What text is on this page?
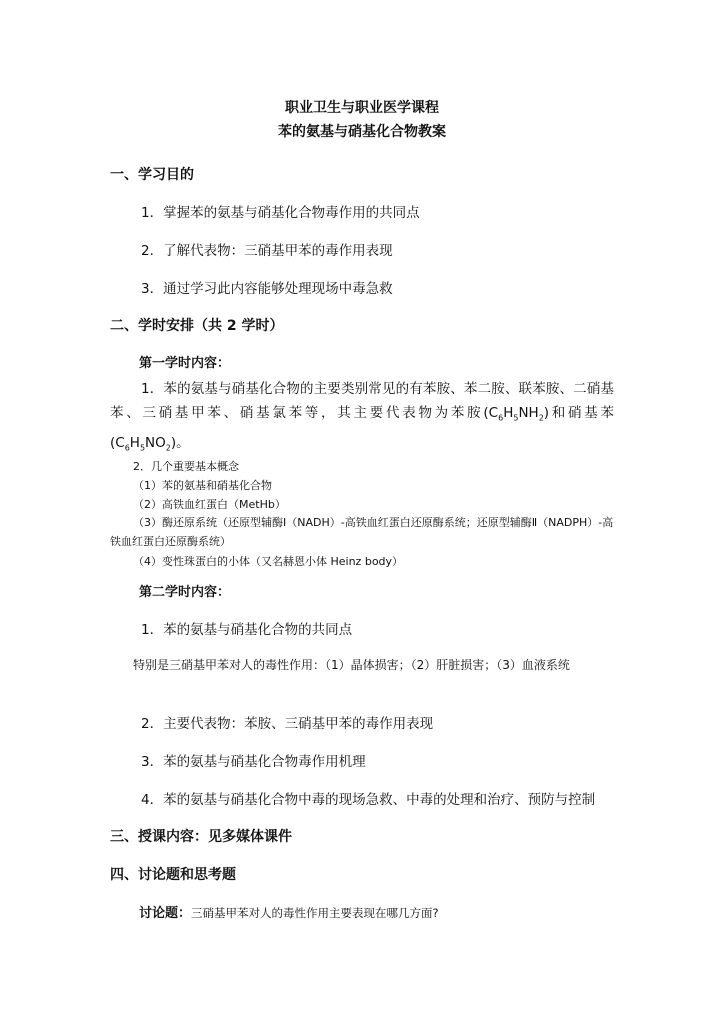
职业卫生与职业医学课程
苯的氨基与硝基化合物教案
一、学习目的
1．掌握苯的氨基与硝基化合物毒作用的共同点
2．了解代表物：三硝基甲苯的毒作用表现
3．通过学习此内容能够处理现场中毒急救
二、学时安排（共 2 学时）
第一学时内容：
1．苯的氨基与硝基化合物的主要类别常见的有苯胺、苯二胺、联苯胺、二硝基苯、三硝基甲苯、硝基氯苯等，其主要代表物为苯胺$(C_6H_5NH_2)$和硝基苯$(C_6H_5NO_2)$。
2．几个重要基本概念
（1）苯的氨基和硝基化合物
（2）高铁血红蛋白（MetHb）
（3）酶还原系统（还原型辅酶Ⅰ（NADH）-高铁血红蛋白还原酶系统；还原型辅酶Ⅱ（NADPH）-高铁血红蛋白还原酶系统）
（4）变性珠蛋白的小体（又名赫恩小体 Heinz body）
第二学时内容：
1．苯的氨基与硝基化合物的共同点
特别是三硝基甲苯对人的毒性作用：（1）晶体损害；（2）肝脏损害；（3）血液系统
2．主要代表物：苯胺、三硝基甲苯的毒作用表现
3．苯的氨基与硝基化合物毒作用机理
4．苯的氨基与硝基化合物中毒的现场急救、中毒的处理和治疗、预防与控制
三、授课内容：见多媒体课件
四、讨论题和思考题
讨论题：三硝基甲苯对人的毒性作用主要表现在哪几方面?
